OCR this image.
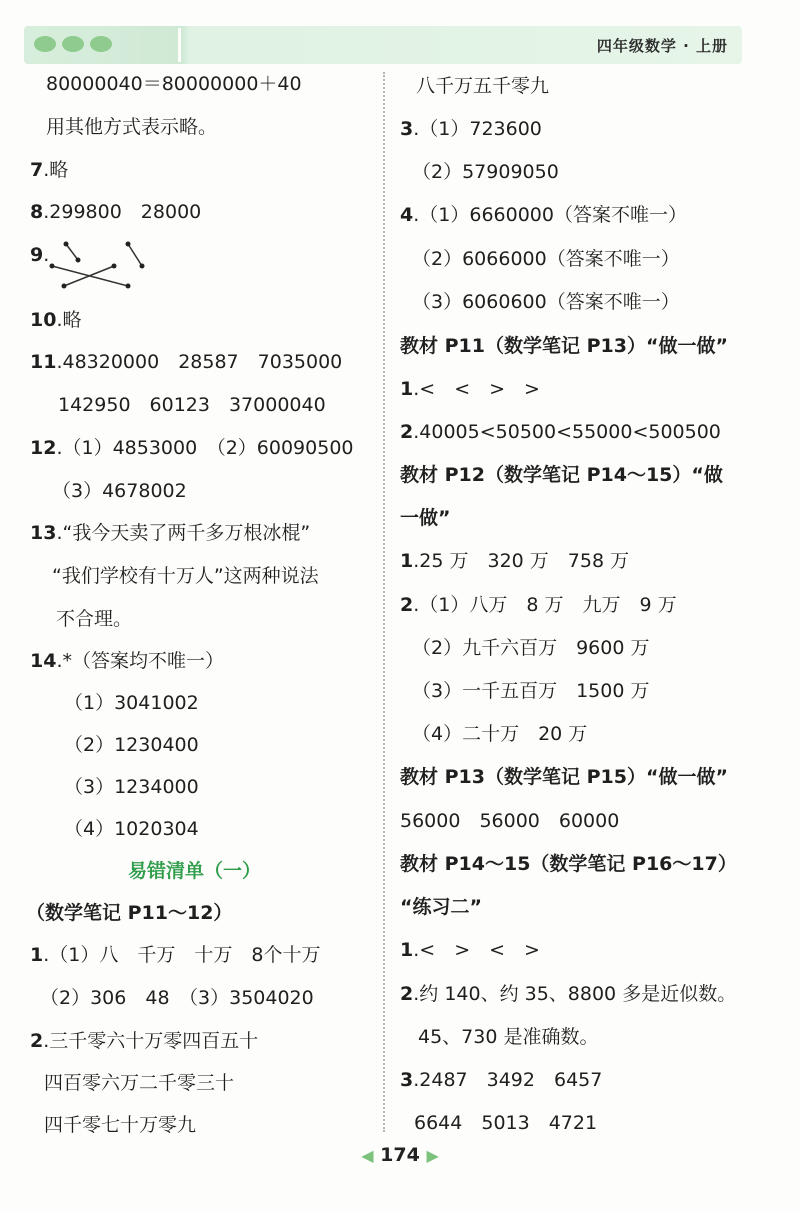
四年级数学 · 上册
80000040＝80000000＋40
用其他方式表示略。
7.略
8.299800　28000
9.
10.略
11.48320000　28587　7035000
142950　60123　37000040
12.（1）4853000　（2）60090500
（3）4678002
13.“我今天卖了两千多万根冰棍”
“我们学校有十万人”这两种说法
不合理。
14.*（答案均不唯一）
（1）3041002
（2）1230400
（3）1234000
（4）1020304
易错清单（一）
（数学笔记 P11～12）
1.（1）八　千万　十万　8个十万
（2）306　48　（3）3504020
2.三千零六十万零四百五十
四百零六万二千零三十
四千零七十万零九
八千万五千零九
3.（1）723600
（2）57909050
4.（1）6660000（答案不唯一）
（2）6066000（答案不唯一）
（3）6060600（答案不唯一）
教材 P11（数学笔记 P13）“做一做”
1.<　<　>　>
2.40005<50500<55000<500500
教材 P12（数学笔记 P14～15）“做
一做”
1.25 万　320 万　758 万
2.（1）八万　8 万　九万　9 万
（2）九千六百万　9600 万
（3）一千五百万　1500 万
（4）二十万　20 万
教材 P13（数学笔记 P15）“做一做”
56000　56000　60000
教材 P14～15（数学笔记 P16～17）
“练习二”
1.<　>　<　>
2.约 140、约 35、8800 多是近似数。
45、730 是准确数。
3.2487　3492　6457
6644　5013　4721
◀ 174 ▶
